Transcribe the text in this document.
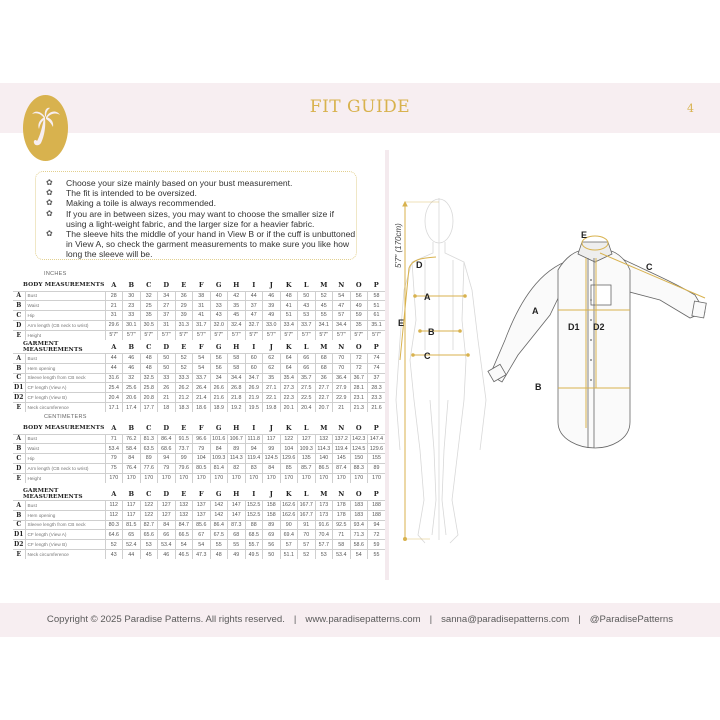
FIT GUIDE	4
✿	Choose your size mainly based on your bust measurement.
✿	The fit is intended to be oversized.
✿	Making a toile is always recommended.
✿	If you are in between sizes, you may want to choose the smaller size if using a light-weight fabric, and the larger size for a heavier fabric.
✿	The sleeve hits the middle of your hand in View B or if the cuff is unbuttoned in View A, so check the garment measurements to make sure you like how long the sleeve will be.
INCHES
BODY MEASUREMENTS		A	B	C	D	E	F	G	H	I	J	K	L	M	N	O	P
A	Bust	28	30	32	34	36	38	40	42	44	46	48	50	52	54	56	58
B	Waist	21	23	25	27	29	31	33	35	37	39	41	43	45	47	49	51
C	Hip	31	33	35	37	39	41	43	45	47	49	51	53	55	57	59	61
D	Arm length (CB neck to wrist)	29.6	30.1	30.5	31	31.3	31.7	32.0	32.4	32.7	33.0	33.4	33.7	34.1	34.4	35	35.1
E	Height	5'7"	5'7"	5'7"	5'7"	5'7"	5'7"	5'7"	5'7"	5'7"	5'7"	5'7"	5'7"	5'7"	5'7"	5'7"	5'7"
GARMENT MEASUREMENTS		A	B	C	D	E	F	G	H	I	J	K	L	M	N	O	P
A	Bust	44	46	48	50	52	54	56	58	60	62	64	66	68	70	72	74
B	Hem opening	44	46	48	50	52	54	56	58	60	62	64	66	68	70	72	74
C	Sleeve length from CB neck	31.6	32	32.5	33	33.3	33.7	34	34.4	34.7	35	35.4	35.7	36	36.4	36.7	37
D1	CF length (View A)	25.4	25.6	25.8	26	26.2	26.4	26.6	26.8	26.9	27.1	27.3	27.5	27.7	27.9	28.1	28.3
D2	CF length (View B)	20.4	20.6	20.8	21	21.2	21.4	21.6	21.8	21.9	22.1	22.3	22.5	22.7	22.9	23.1	23.3
E	Neck circumference	17.1	17.4	17.7	18	18.3	18.6	18.9	19.2	19.5	19.8	20.1	20.4	20.7	21	21.3	21.6
CENTIMETERS
BODY MEASUREMENTS		A	B	C	D	E	F	G	H	I	J	K	L	M	N	O	P
A	Bust	71	76.2	81.3	86.4	91.5	96.6	101.6	106.7	111.8	117	122	127	132	137.2	142.3	147.4
B	Waist	53.4	58.4	63.5	68.6	73.7	79	84	89	94	99	104	109.3	114.3	119.4	124.5	129.6
C	Hip	79	84	89	94	99	104	109.3	114.3	119.4	124.5	129.6	135	140	145	150	155
D	Arm length (CB neck to wrist)	75	76.4	77.6	79	79.6	80.5	81.4	82	83	84	85	85.7	86.5	87.4	88.3	89
E	Height	170	170	170	170	170	170	170	170	170	170	170	170	170	170	170	170
GARMENT MEASUREMENTS		A	B	C	D	E	F	G	H	I	J	K	L	M	N	O	P
A	Bust	112	117	122	127	132	137	142	147	152.5	158	162.6	167.7	173	178	183	188
B	Hem opening	112	117	122	127	132	137	142	147	152.5	158	162.6	167.7	173	178	183	188
C	Sleeve length from CB neck	80.3	81.5	82.7	84	84.7	85.6	86.4	87.3	88	89	90	91	91.6	92.5	93.4	94
D1	CF length (View A)	64.6	65	65.6	66	66.5	67	67.5	68	68.5	69	69.4	70	70.4	71	71.3	72
D2	CF length (View B)	52	52.4	53	53.4	54	54	55	55	55.7	56	57	57	57.7	58	58.6	59
E	Neck circumference	43	44	45	46	46.5	47.3	48	49	49.5	50	51.1	52	53	53.4	54	55
D
A
E
B
C
5'7" (170cm)	E
C
A
D1 D2
B
Copyright © 2025 Paradise Patterns. All rights reserved. | www.paradisepatterns.com | sanna@paradisepatterns.com | @ParadisePatterns
